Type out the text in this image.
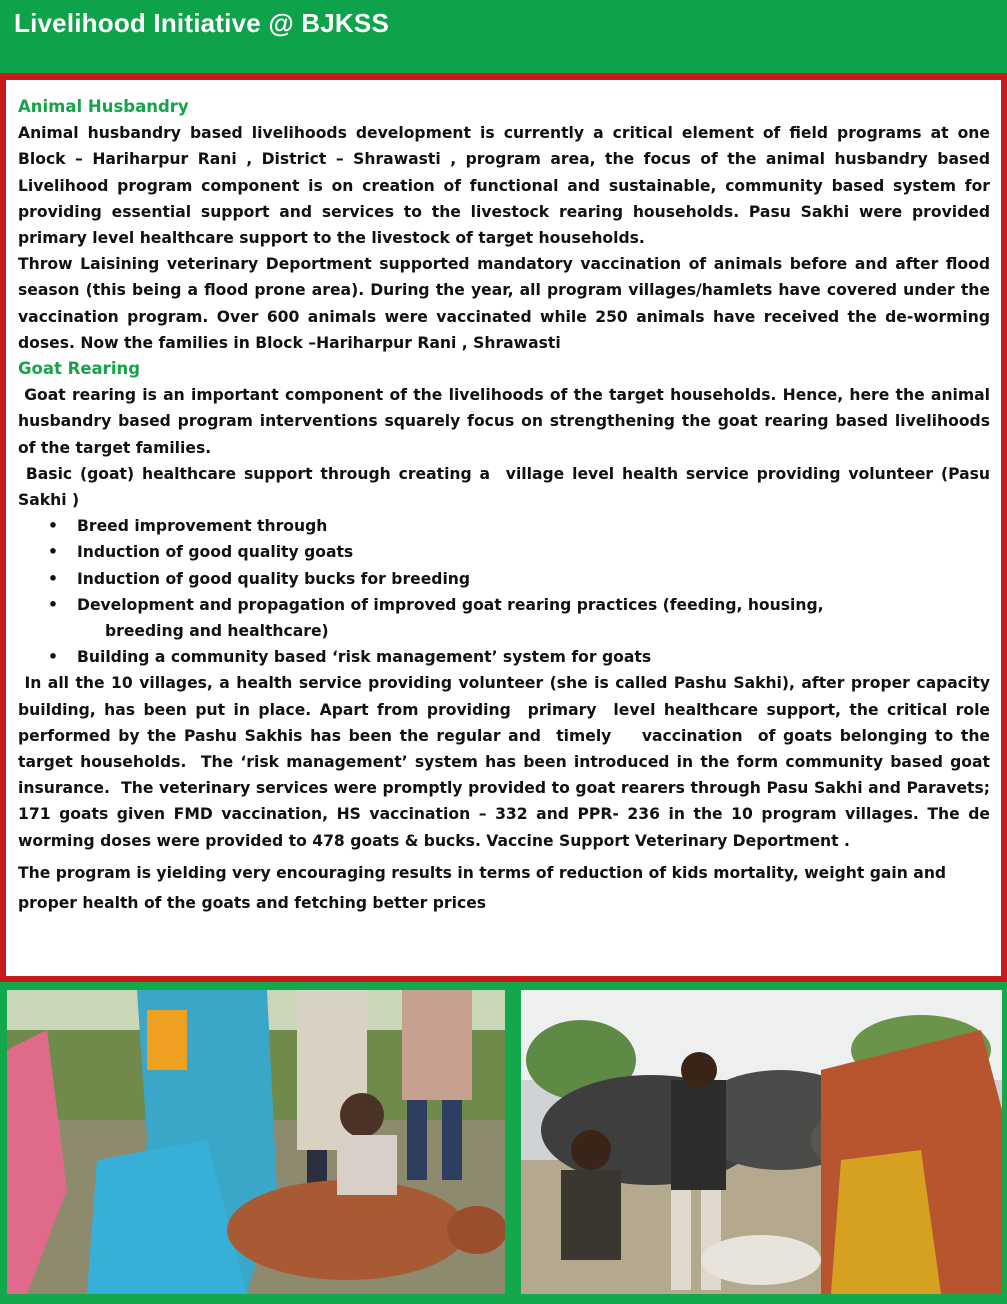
Livelihood Initiative @ BJKSS
Animal Husbandry

Animal husbandry based livelihoods development is currently a critical element of field programs at one Block – Hariharpur Rani , District – Shrawasti , program area, the focus of the animal husbandry based Livelihood program component is on creation of functional and sustainable, community based system for providing essential support and services to the livestock rearing households. Pasu Sakhi were provided primary level healthcare support to the livestock of target households.

Throw Laisining veterinary Deportment supported mandatory vaccination of animals before and after flood season (this being a flood prone area). During the year, all program villages/hamlets have covered under the vaccination program. Over 600 animals were vaccinated while 250 animals have received the de-worming doses. Now the families in Block –Hariharpur Rani , Shrawasti

Goat Rearing

Goat rearing is an important component of the livelihoods of the target households. Hence, here the animal husbandry based program interventions squarely focus on strengthening the goat rearing based livelihoods of the target families.

Basic (goat) healthcare support through creating a  village level health service providing volunteer (Pasu Sakhi )

• Breed improvement through
• Induction of good quality goats
• Induction of good quality bucks for breeding
• Development and propagation of improved goat rearing practices (feeding, housing,
breeding and healthcare)
• Building a community based ‘risk management’ system for goats

In all the 10 villages, a health service providing volunteer (she is called Pashu Sakhi), after proper capacity building, has been put in place. Apart from providing  primary  level healthcare support, the critical role  performed by the Pashu Sakhis has been the regular and  timely    vaccination  of goats belonging to the target households.  The ‘risk management’ system has been introduced in the form community based goat insurance.  The veterinary services were promptly provided to goat rearers through Pasu Sakhi and Paravets; 171 goats given FMD vaccination, HS vaccination – 332 and PPR- 236 in the 10 program villages. The de worming doses were provided to 478 goats & bucks. Vaccine Support Veterinary Deportment .

The program is yielding very encouraging results in terms of reduction of kids mortality, weight gain and proper health of the goats and fetching better prices
